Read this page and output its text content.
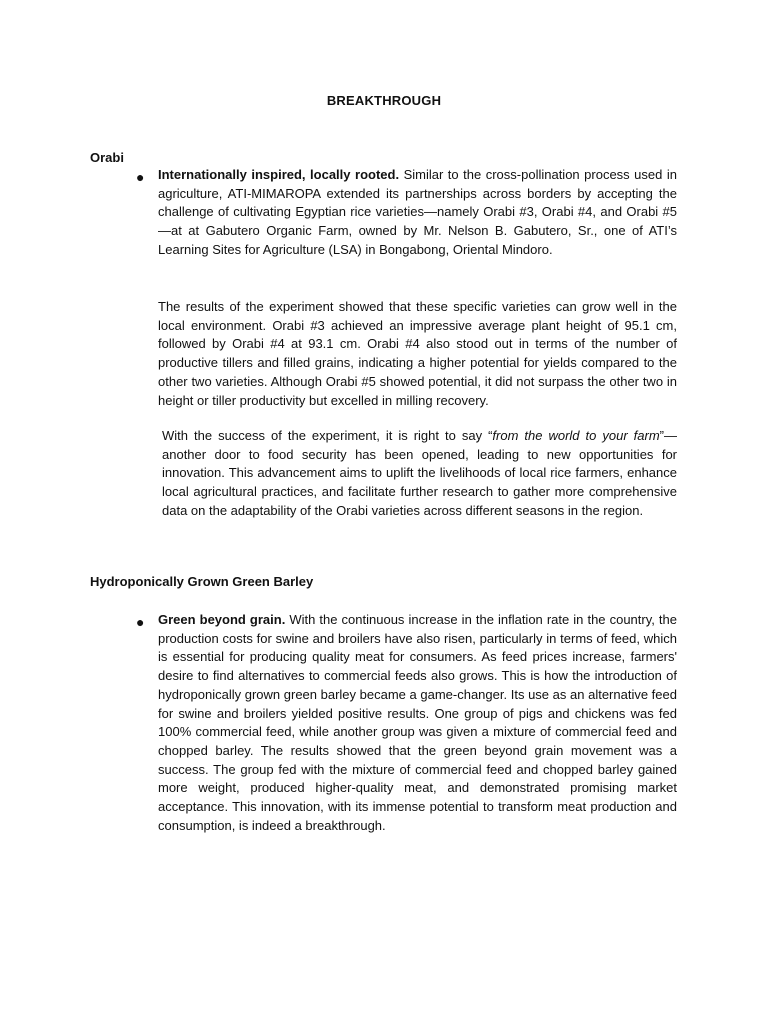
BREAKTHROUGH
Orabi
● Internationally inspired, locally rooted. Similar to the cross-pollination process used in agriculture, ATI-MIMAROPA extended its partnerships across borders by accepting the challenge of cultivating Egyptian rice varieties—namely Orabi #3, Orabi #4, and Orabi #5—at at Gabutero Organic Farm, owned by Mr. Nelson B. Gabutero, Sr., one of ATI’s Learning Sites for Agriculture (LSA) in Bongabong, Oriental Mindoro.
The results of the experiment showed that these specific varieties can grow well in the local environment. Orabi #3 achieved an impressive average plant height of 95.1 cm, followed by Orabi #4 at 93.1 cm. Orabi #4 also stood out in terms of the number of productive tillers and filled grains, indicating a higher potential for yields compared to the other two varieties. Although Orabi #5 showed potential, it did not surpass the other two in height or tiller productivity but excelled in milling recovery.
With the success of the experiment, it is right to say “from the world to your farm”—another door to food security has been opened, leading to new opportunities for innovation. This advancement aims to uplift the livelihoods of local rice farmers, enhance local agricultural practices, and facilitate further research to gather more comprehensive data on the adaptability of the Orabi varieties across different seasons in the region.
Hydroponically Grown Green Barley
● Green beyond grain. With the continuous increase in the inflation rate in the country, the production costs for swine and broilers have also risen, particularly in terms of feed, which is essential for producing quality meat for consumers. As feed prices increase, farmers' desire to find alternatives to commercial feeds also grows. This is how the introduction of hydroponically grown green barley became a game-changer. Its use as an alternative feed for swine and broilers yielded positive results. One group of pigs and chickens was fed 100% commercial feed, while another group was given a mixture of commercial feed and chopped barley. The results showed that the green beyond grain movement was a success. The group fed with the mixture of commercial feed and chopped barley gained more weight, produced higher-quality meat, and demonstrated promising market acceptance. This innovation, with its immense potential to transform meat production and consumption, is indeed a breakthrough.
